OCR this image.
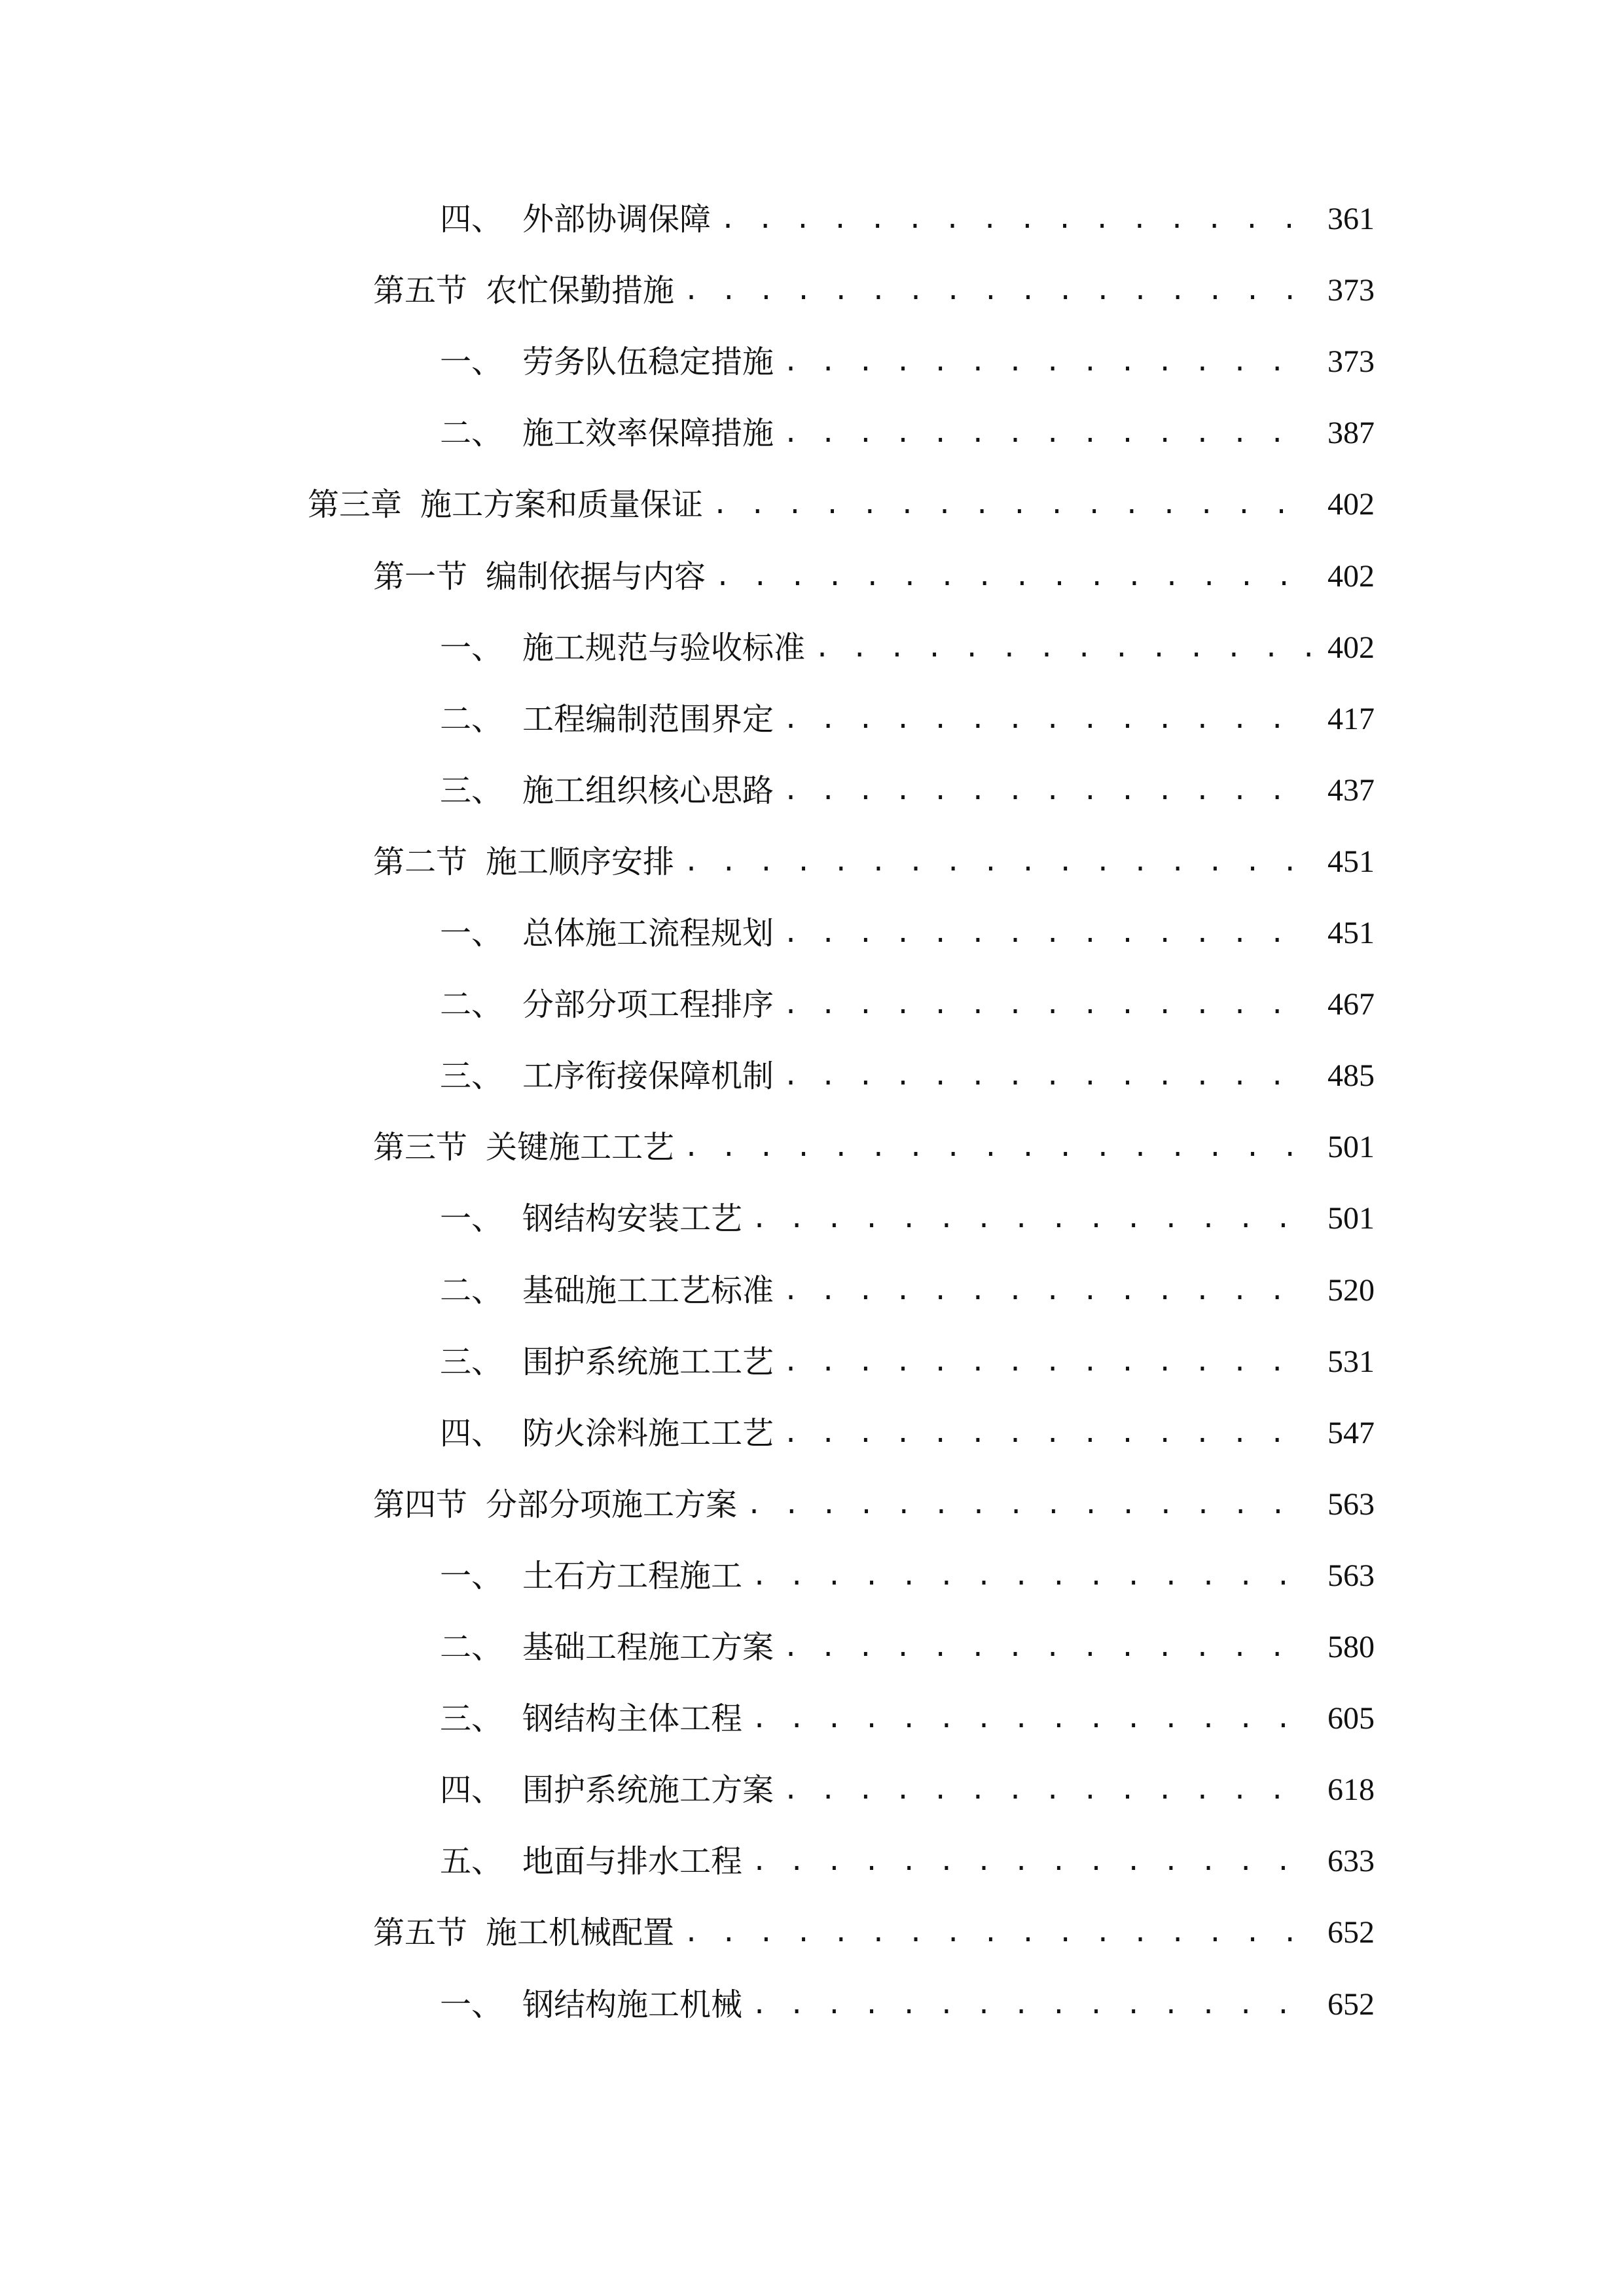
四、 外部协调保障 . . .	361
第五节 农忙保勤措施 . . .	373
一、 劳务队伍稳定措施 . . .	373
二、 施工效率保障措施 . . .	387
第三章 施工方案和质量保证 . . .	402
第一节 编制依据与内容 . . .	402
一、 施工规范与验收标准 . . .	402
二、 工程编制范围界定 . . .	417
三、 施工组织核心思路 . . .	437
第二节 施工顺序安排 . . .	451
一、 总体施工流程规划 . . .	451
二、 分部分项工程排序 . . .	467
三、 工序衔接保障机制 . . .	485
第三节 关键施工工艺 . . .	501
一、 钢结构安装工艺 . . .	501
二、 基础施工工艺标准 . . .	520
三、 围护系统施工工艺 . . .	531
四、 防火涂料施工工艺 . . .	547
第四节 分部分项施工方案 . . .	563
一、 土石方工程施工 . . .	563
二、 基础工程施工方案 . . .	580
三、 钢结构主体工程 . . .	605
四、 围护系统施工方案 . . .	618
五、 地面与排水工程 . . .	633
第五节 施工机械配置 . . .	652
一、 钢结构施工机械 . . .	652
